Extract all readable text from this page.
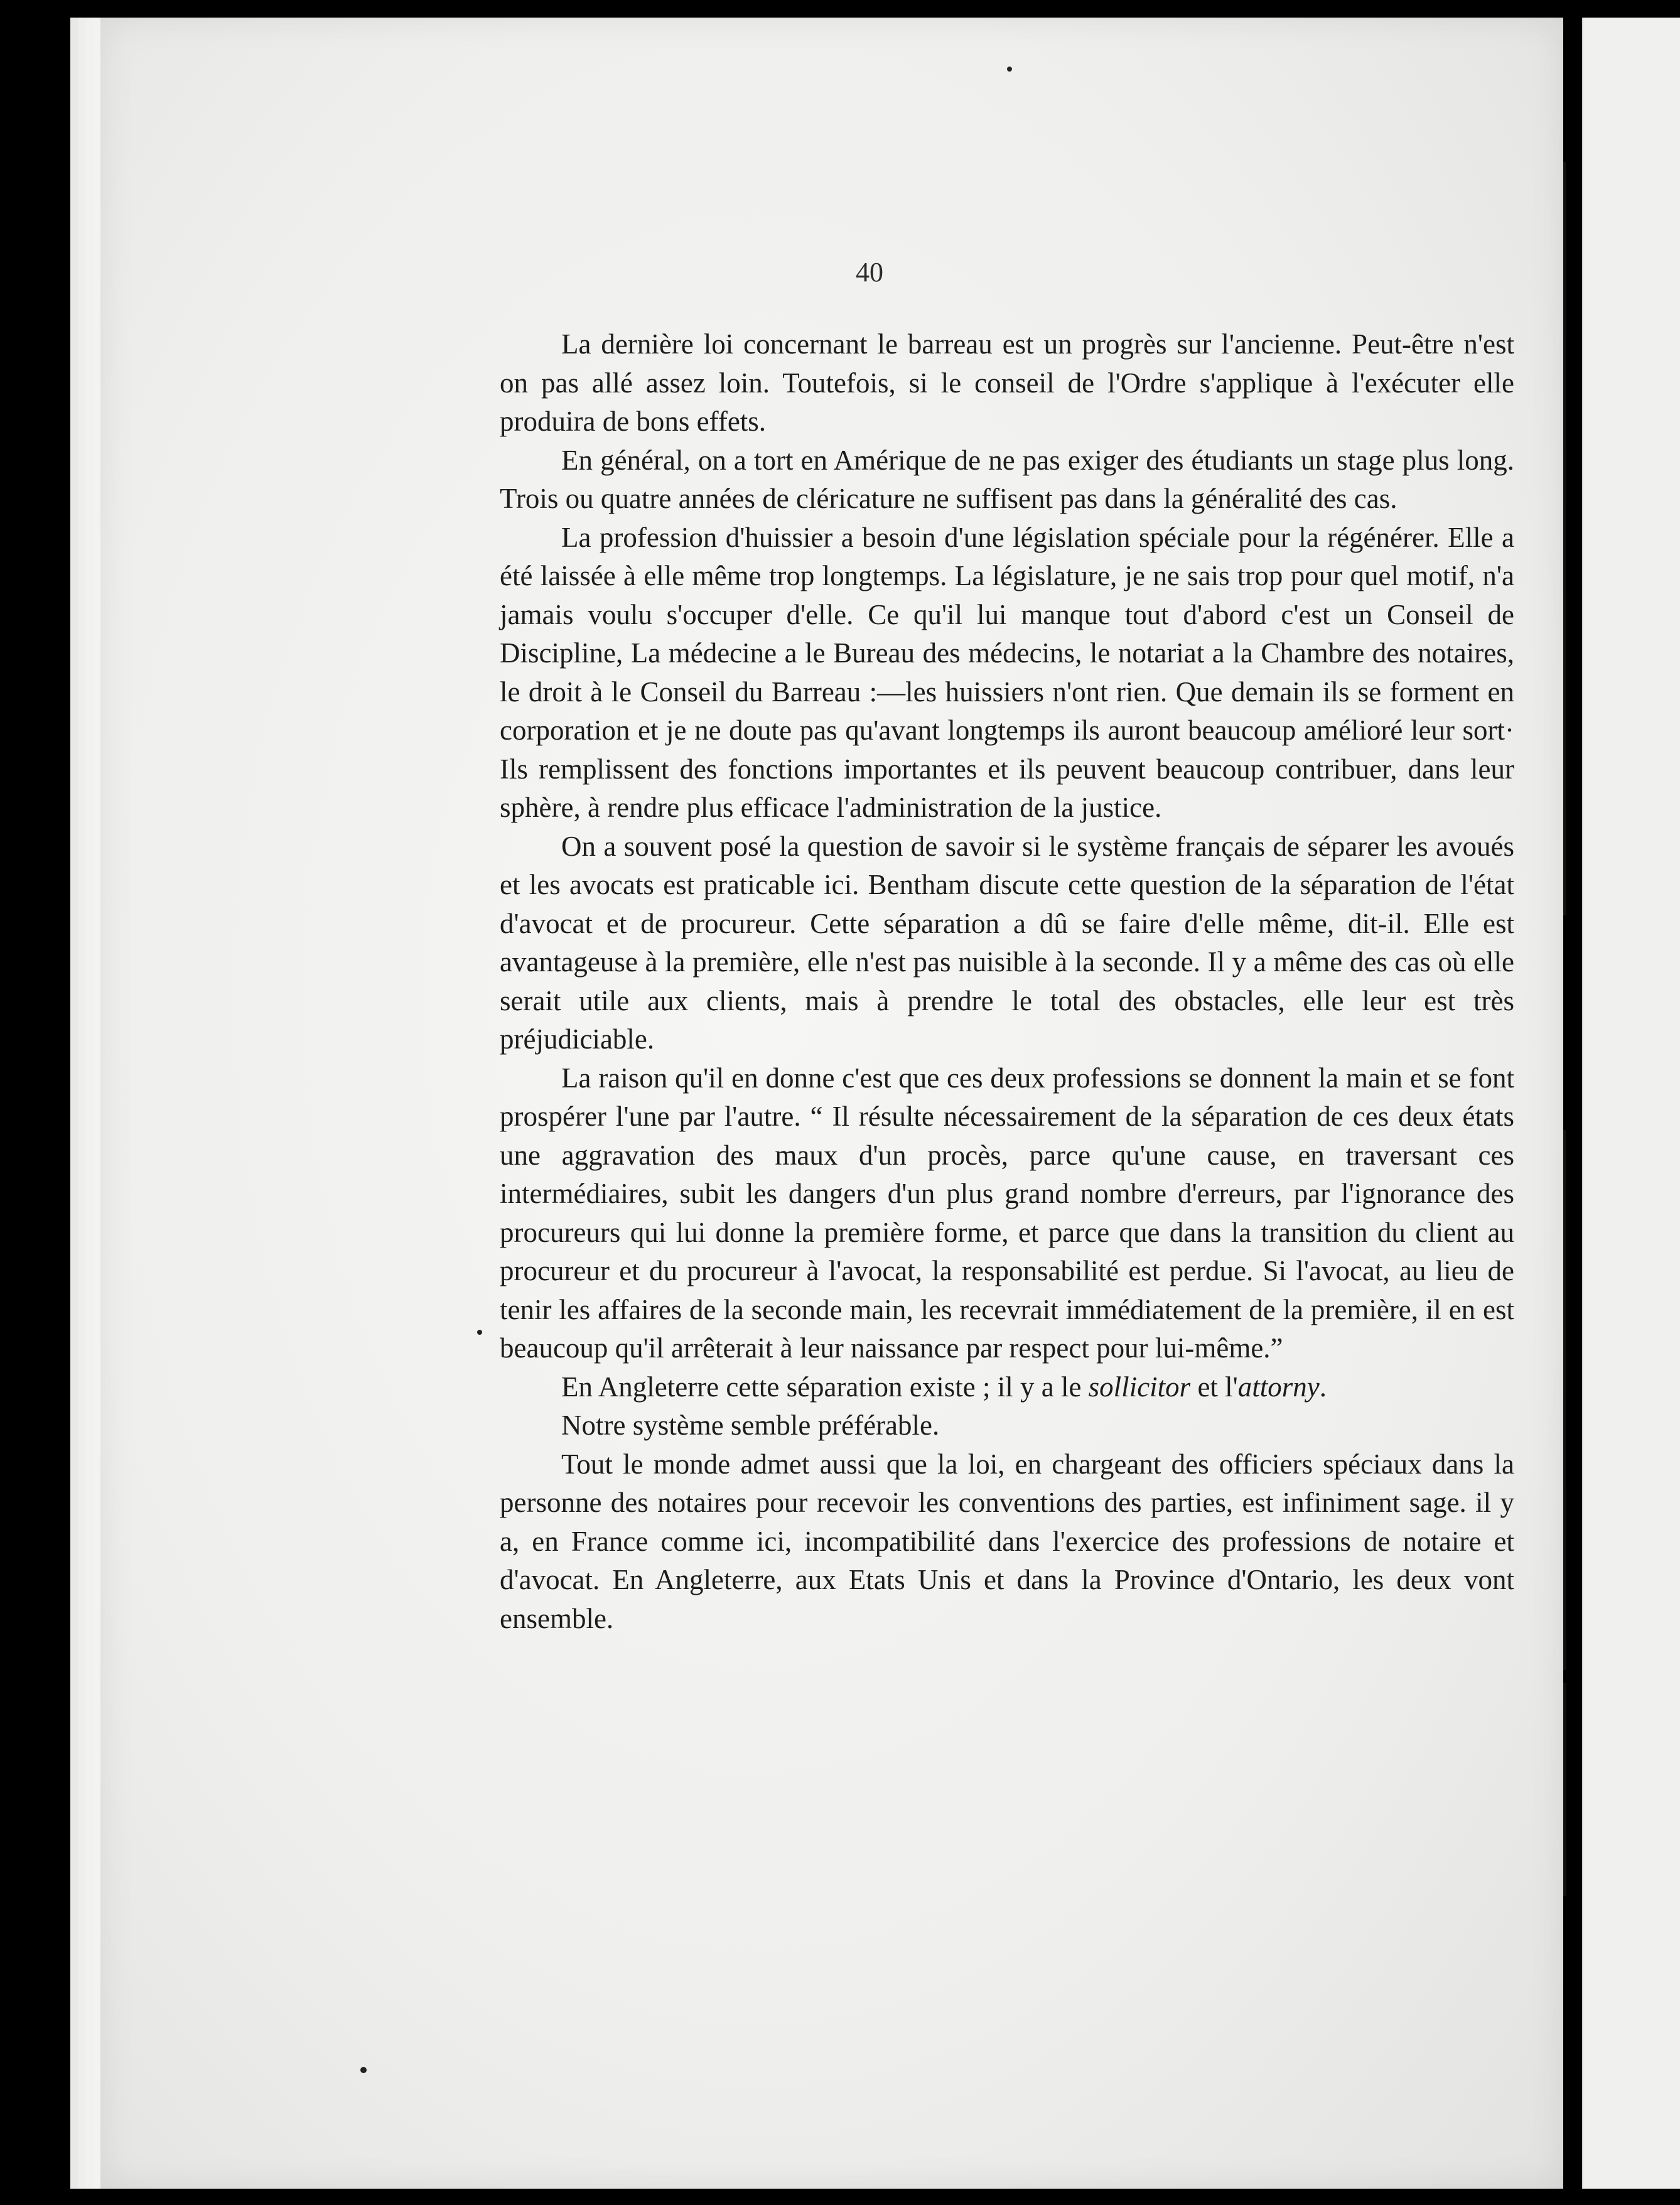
40

La dernière loi concernant le barreau est un progrès sur l'ancienne. Peut-être n'est on pas allé assez loin. Toutefois, si le conseil de l'Ordre s'applique à l'exécuter elle produira de bons effets.

En général, on a tort en Amérique de ne pas exiger des étudiants un stage plus long. Trois ou quatre années de cléricature ne suffisent pas dans la généralité des cas.

La profession d'huissier a besoin d'une législation spéciale pour la régénérer. Elle a été laissée à elle même trop longtemps. La législature, je ne sais trop pour quel motif, n'a jamais voulu s'occuper d'elle. Ce qu'il lui manque tout d'abord c'est un Conseil de Discipline, La médecine a le Bureau des médecins, le notariat a la Chambre des notaires, le droit à le Conseil du Barreau :—les huissiers n'ont rien. Que demain ils se forment en corporation et je ne doute pas qu'avant longtemps ils auront beaucoup amélioré leur sort· Ils remplissent des fonctions importantes et ils peuvent beaucoup contribuer, dans leur sphère, à rendre plus efficace l'administration de la justice.

On a souvent posé la question de savoir si le système français de séparer les avoués et les avocats est praticable ici. Bentham discute cette question de la séparation de l'état d'avocat et de procureur. Cette séparation a dû se faire d'elle même, dit-il. Elle est avantageuse à la première, elle n'est pas nuisible à la seconde. Il y a même des cas où elle serait utile aux clients, mais à prendre le total des obstacles, elle leur est très préjudiciable.

La raison qu'il en donne c'est que ces deux professions se donnent la main et se font prospérer l'une par l'autre. “ Il résulte nécessairement de la séparation de ces deux états une aggravation des maux d'un procès, parce qu'une cause, en traversant ces intermédiaires, subit les dangers d'un plus grand nombre d'erreurs, par l'ignorance des procureurs qui lui donne la première forme, et parce que dans la transition du client au procureur et du procureur à l'avocat, la responsabilité est perdue. Si l'avocat, au lieu de tenir les affaires de la seconde main, les recevrait immédiatement de la première, il en est beaucoup qu'il arrêterait à leur naissance par respect pour lui-même.”

En Angleterre cette séparation existe ; il y a le sollicitor et l'attorny.

Notre système semble préférable.

Tout le monde admet aussi que la loi, en chargeant des officiers spéciaux dans la personne des notaires pour recevoir les conventions des parties, est infiniment sage. il y a, en France comme ici, incompatibilité dans l'exercice des professions de notaire et d'avocat. En Angleterre, aux Etats Unis et dans la Province d'Ontario, les deux vont ensemble.
